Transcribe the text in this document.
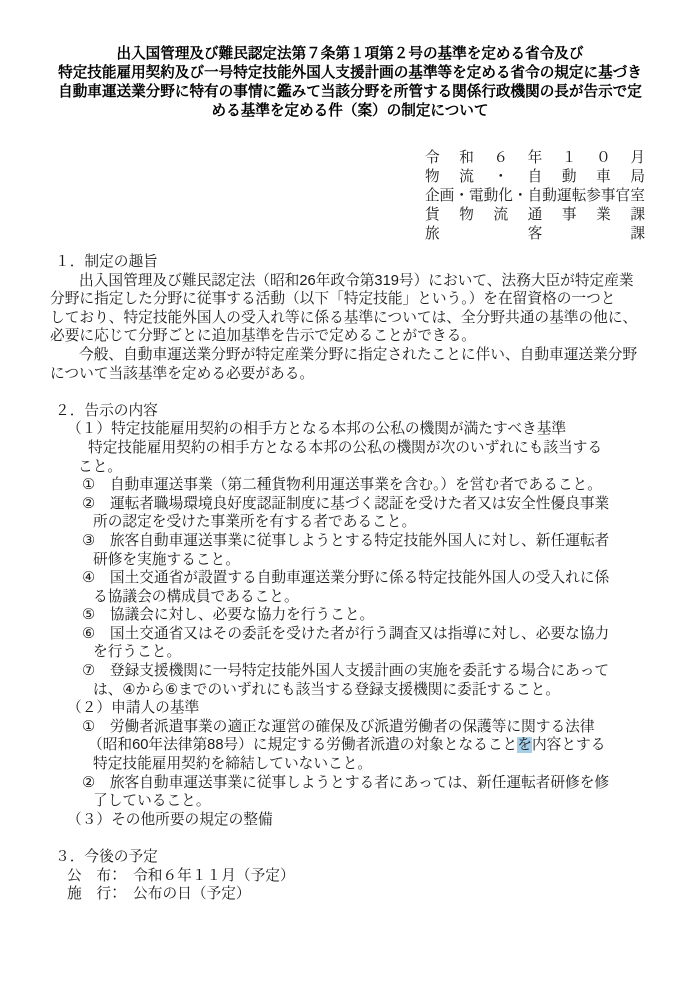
出入国管理及び難民認定法第７条第１項第２号の基準を定める省令及び
特定技能雇用契約及び一号特定技能外国人支援計画の基準等を定める省令の規定に基づき
自動車運送業分野に特有の事情に鑑みて当該分野を所管する関係行政機関の長が告示で定
める基準を定める件（案）の制定について
令 和 ６ 年 １ ０ 月
物 流 ・ 自 動 車 局
企 画 ・ 電 動 化 ・ 自 動 運 転 参 事 官 室
貨 物 流 通 事 業 課
旅	客	課
１．制定の趣旨
出入国管理及び難民認定法（昭和26年政令第319号）において、法務大臣が特定産業
分野に指定した分野に従事する活動（以下「特定技能」という。）を在留資格の一つと
しており、特定技能外国人の受入れ等に係る基準については、全分野共通の基準の他に、
必要に応じて分野ごとに追加基準を告示で定めることができる。
今般、自動車運送業分野が特定産業分野に指定されたことに伴い、自動車運送業分野
について当該基準を定める必要がある。

２．告示の内容
（１）特定技能雇用契約の相手方となる本邦の公私の機関が満たすべき基準
特定技能雇用契約の相手方となる本邦の公私の機関が次のいずれにも該当する
こと。
①　自動車運送事業（第二種貨物利用運送事業を含む。）を営む者であること。
②　運転者職場環境良好度認証制度に基づく認証を受けた者又は安全性優良事業
所の認定を受けた事業所を有する者であること。
③　旅客自動車運送事業に従事しようとする特定技能外国人に対し、新任運転者
研修を実施すること。
④　国土交通省が設置する自動車運送業分野に係る特定技能外国人の受入れに係
る協議会の構成員であること。
⑤　協議会に対し、必要な協力を行うこと。
⑥　国土交通省又はその委託を受けた者が行う調査又は指導に対し、必要な協力
を行うこと。
⑦　登録支援機関に一号特定技能外国人支援計画の実施を委託する場合にあって
は、④から⑥までのいずれにも該当する登録支援機関に委託すること。
（２）申請人の基準
①　労働者派遣事業の適正な運営の確保及び派遣労働者の保護等に関する法律
（昭和60年法律第88号）に規定する労働者派遣の対象となることを内容とする
特定技能雇用契約を締結していないこと。
②　旅客自動車運送事業に従事しようとする者にあっては、新任運転者研修を修
了していること。
（３）その他所要の規定の整備

３．今後の予定
公　布：　令和６年１１月（予定）
施　行：　公布の日（予定）
